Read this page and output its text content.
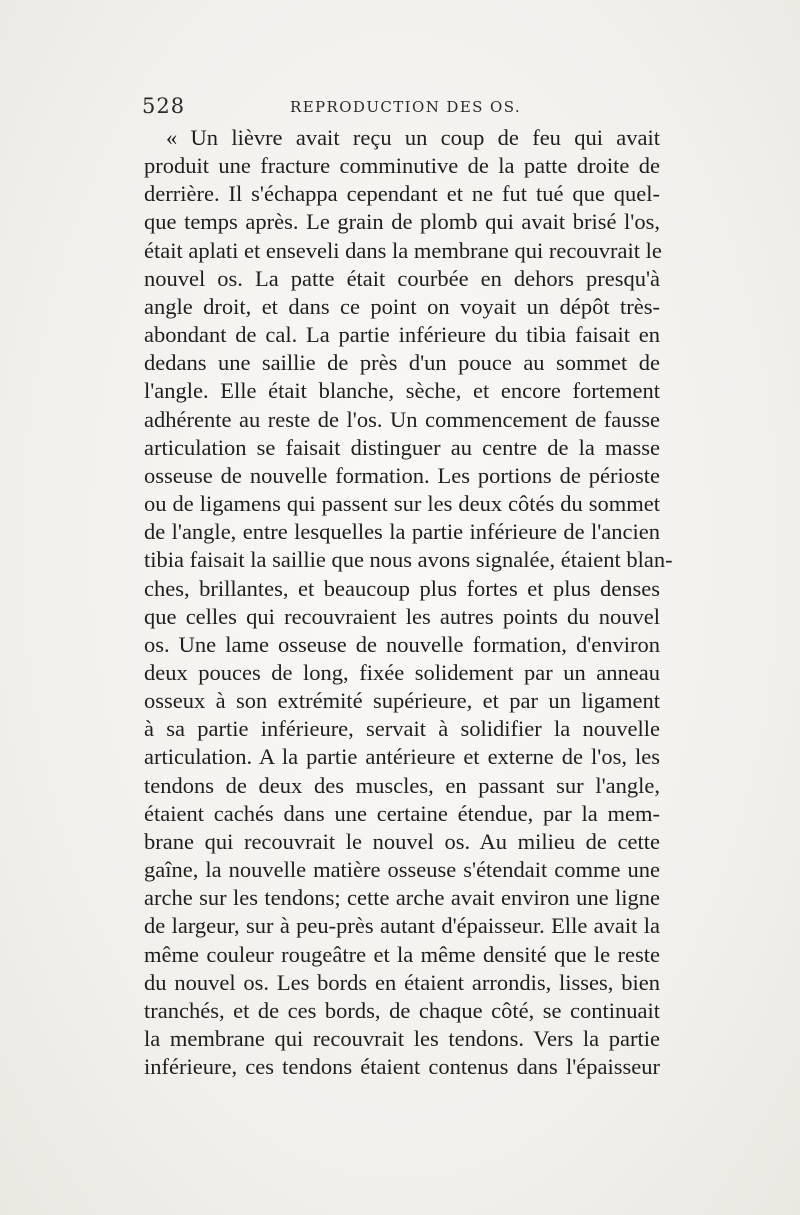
528	REPRODUCTION DES OS.
« Un lièvre avait reçu un coup de feu qui avait
produit une fracture comminutive de la patte droite de
derrière. Il s'échappa cependant et ne fut tué que quel-
que temps après. Le grain de plomb qui avait brisé l'os,
était aplati et enseveli dans la membrane qui recouvrait le
nouvel os. La patte était courbée en dehors presqu'à
angle droit, et dans ce point on voyait un dépôt très-
abondant de cal. La partie inférieure du tibia faisait en
dedans une saillie de près d'un pouce au sommet de
l'angle. Elle était blanche, sèche, et encore fortement
adhérente au reste de l'os. Un commencement de fausse
articulation se faisait distinguer au centre de la masse
osseuse de nouvelle formation. Les portions de périoste
ou de ligamens qui passent sur les deux côtés du sommet
de l'angle, entre lesquelles la partie inférieure de l'ancien
tibia faisait la saillie que nous avons signalée, étaient blan-
ches, brillantes, et beaucoup plus fortes et plus denses
que celles qui recouvraient les autres points du nouvel
os. Une lame osseuse de nouvelle formation, d'environ
deux pouces de long, fixée solidement par un anneau
osseux à son extrémité supérieure, et par un ligament
à sa partie inférieure, servait à solidifier la nouvelle
articulation. A la partie antérieure et externe de l'os, les
tendons de deux des muscles, en passant sur l'angle,
étaient cachés dans une certaine étendue, par la mem-
brane qui recouvrait le nouvel os. Au milieu de cette
gaîne, la nouvelle matière osseuse s'étendait comme une
arche sur les tendons; cette arche avait environ une ligne
de largeur, sur à peu-près autant d'épaisseur. Elle avait la
même couleur rougeâtre et la même densité que le reste
du nouvel os. Les bords en étaient arrondis, lisses, bien
tranchés, et de ces bords, de chaque côté, se continuait
la membrane qui recouvrait les tendons. Vers la partie
inférieure, ces tendons étaient contenus dans l'épaisseur
